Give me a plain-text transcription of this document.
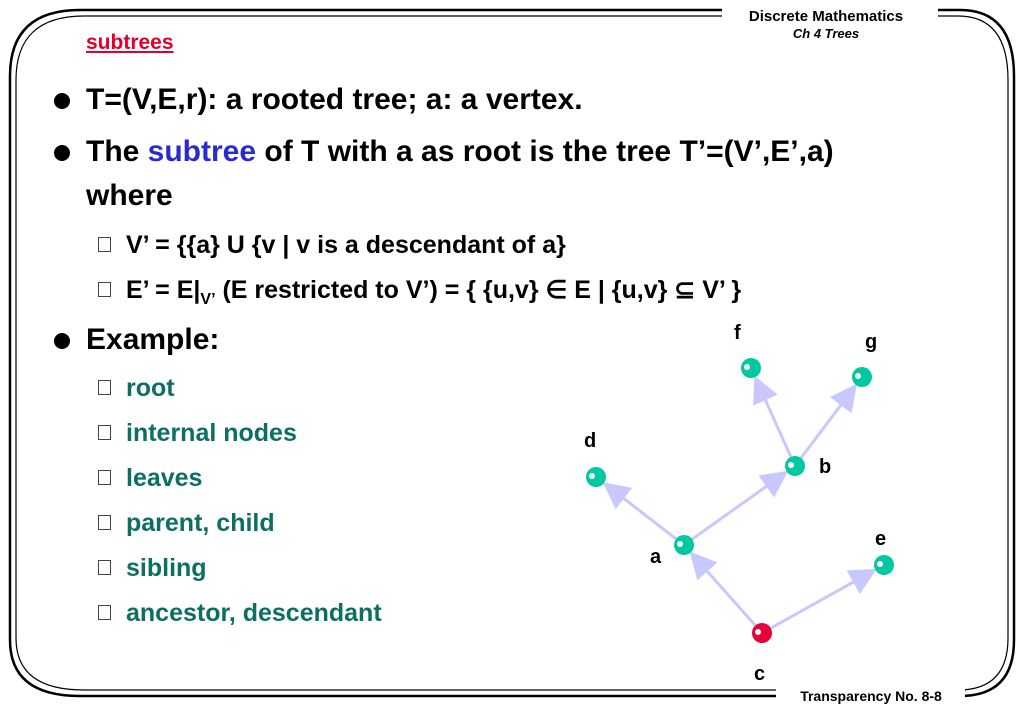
Discrete Mathematics
Ch 4 Trees
subtrees
T=(V,E,r): a rooted tree; a: a vertex.
The subtree of T with a as root is the tree T’=(V’,E’,a)
where
V’ = {{a} U {v | v is a descendant of a}
E’ = $E|_{V’}$ (E restricted to V’) = { {u,v} ∈ E | {u,v} ⊆ V’ }
Example:
root
internal nodes
leaves
parent, child
sibling
ancestor, descendant
f	g
b
d
a
e
c
Transparency No. 8-8
